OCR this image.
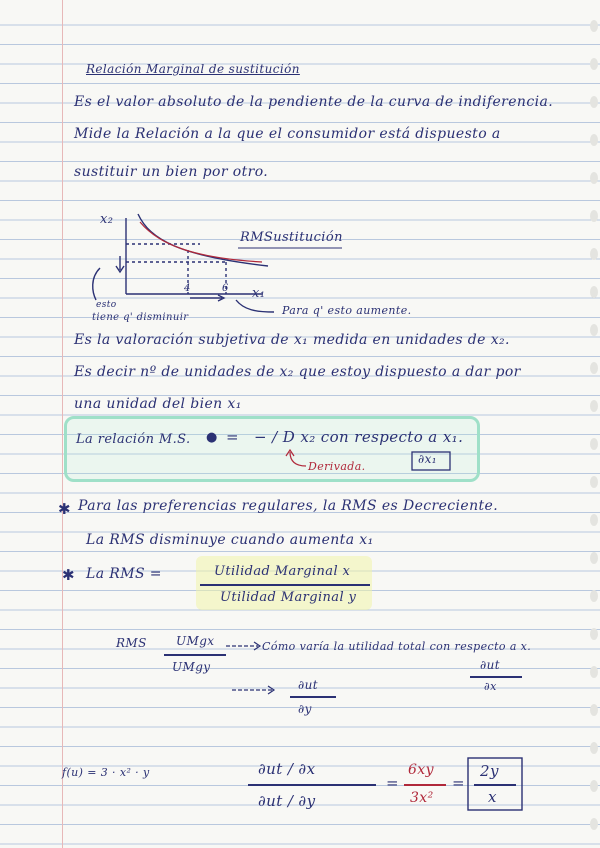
Relación Marginal de sustitución
Es el valor absoluto de la pendiente de la curva de indiferencia.
Mide la Relación a la que el consumidor está dispuesto a
sustituir un bien por otro.
x₂
x₁
4	6
RMSustitución
esto
tiene q' disminuir
Para q' esto aumente.
Es la valoración subjetiva de x₁ medida en unidades de x₂.
Es decir nº de unidades de x₂ que estoy dispuesto a dar por
una unidad del bien x₁
La relación M.S. ● = − / D x₂ con respecto a x₁.
Derivada.
∂x₁
✱ Para las preferencias regulares, la RMS es Decreciente.
La RMS disminuye cuando aumenta x₁
✱ La RMS =	Utilidad Marginal x
Utilidad Marginal y
RMS UMgx
UMgy
Cómo varía la utilidad total con respecto a x.
∂ut
∂x
∂ut
∂y
f(u) = 3 · x² · y	∂ut / ∂x
∂ut / ∂y
=
6xy
3x²
=
2y
x
